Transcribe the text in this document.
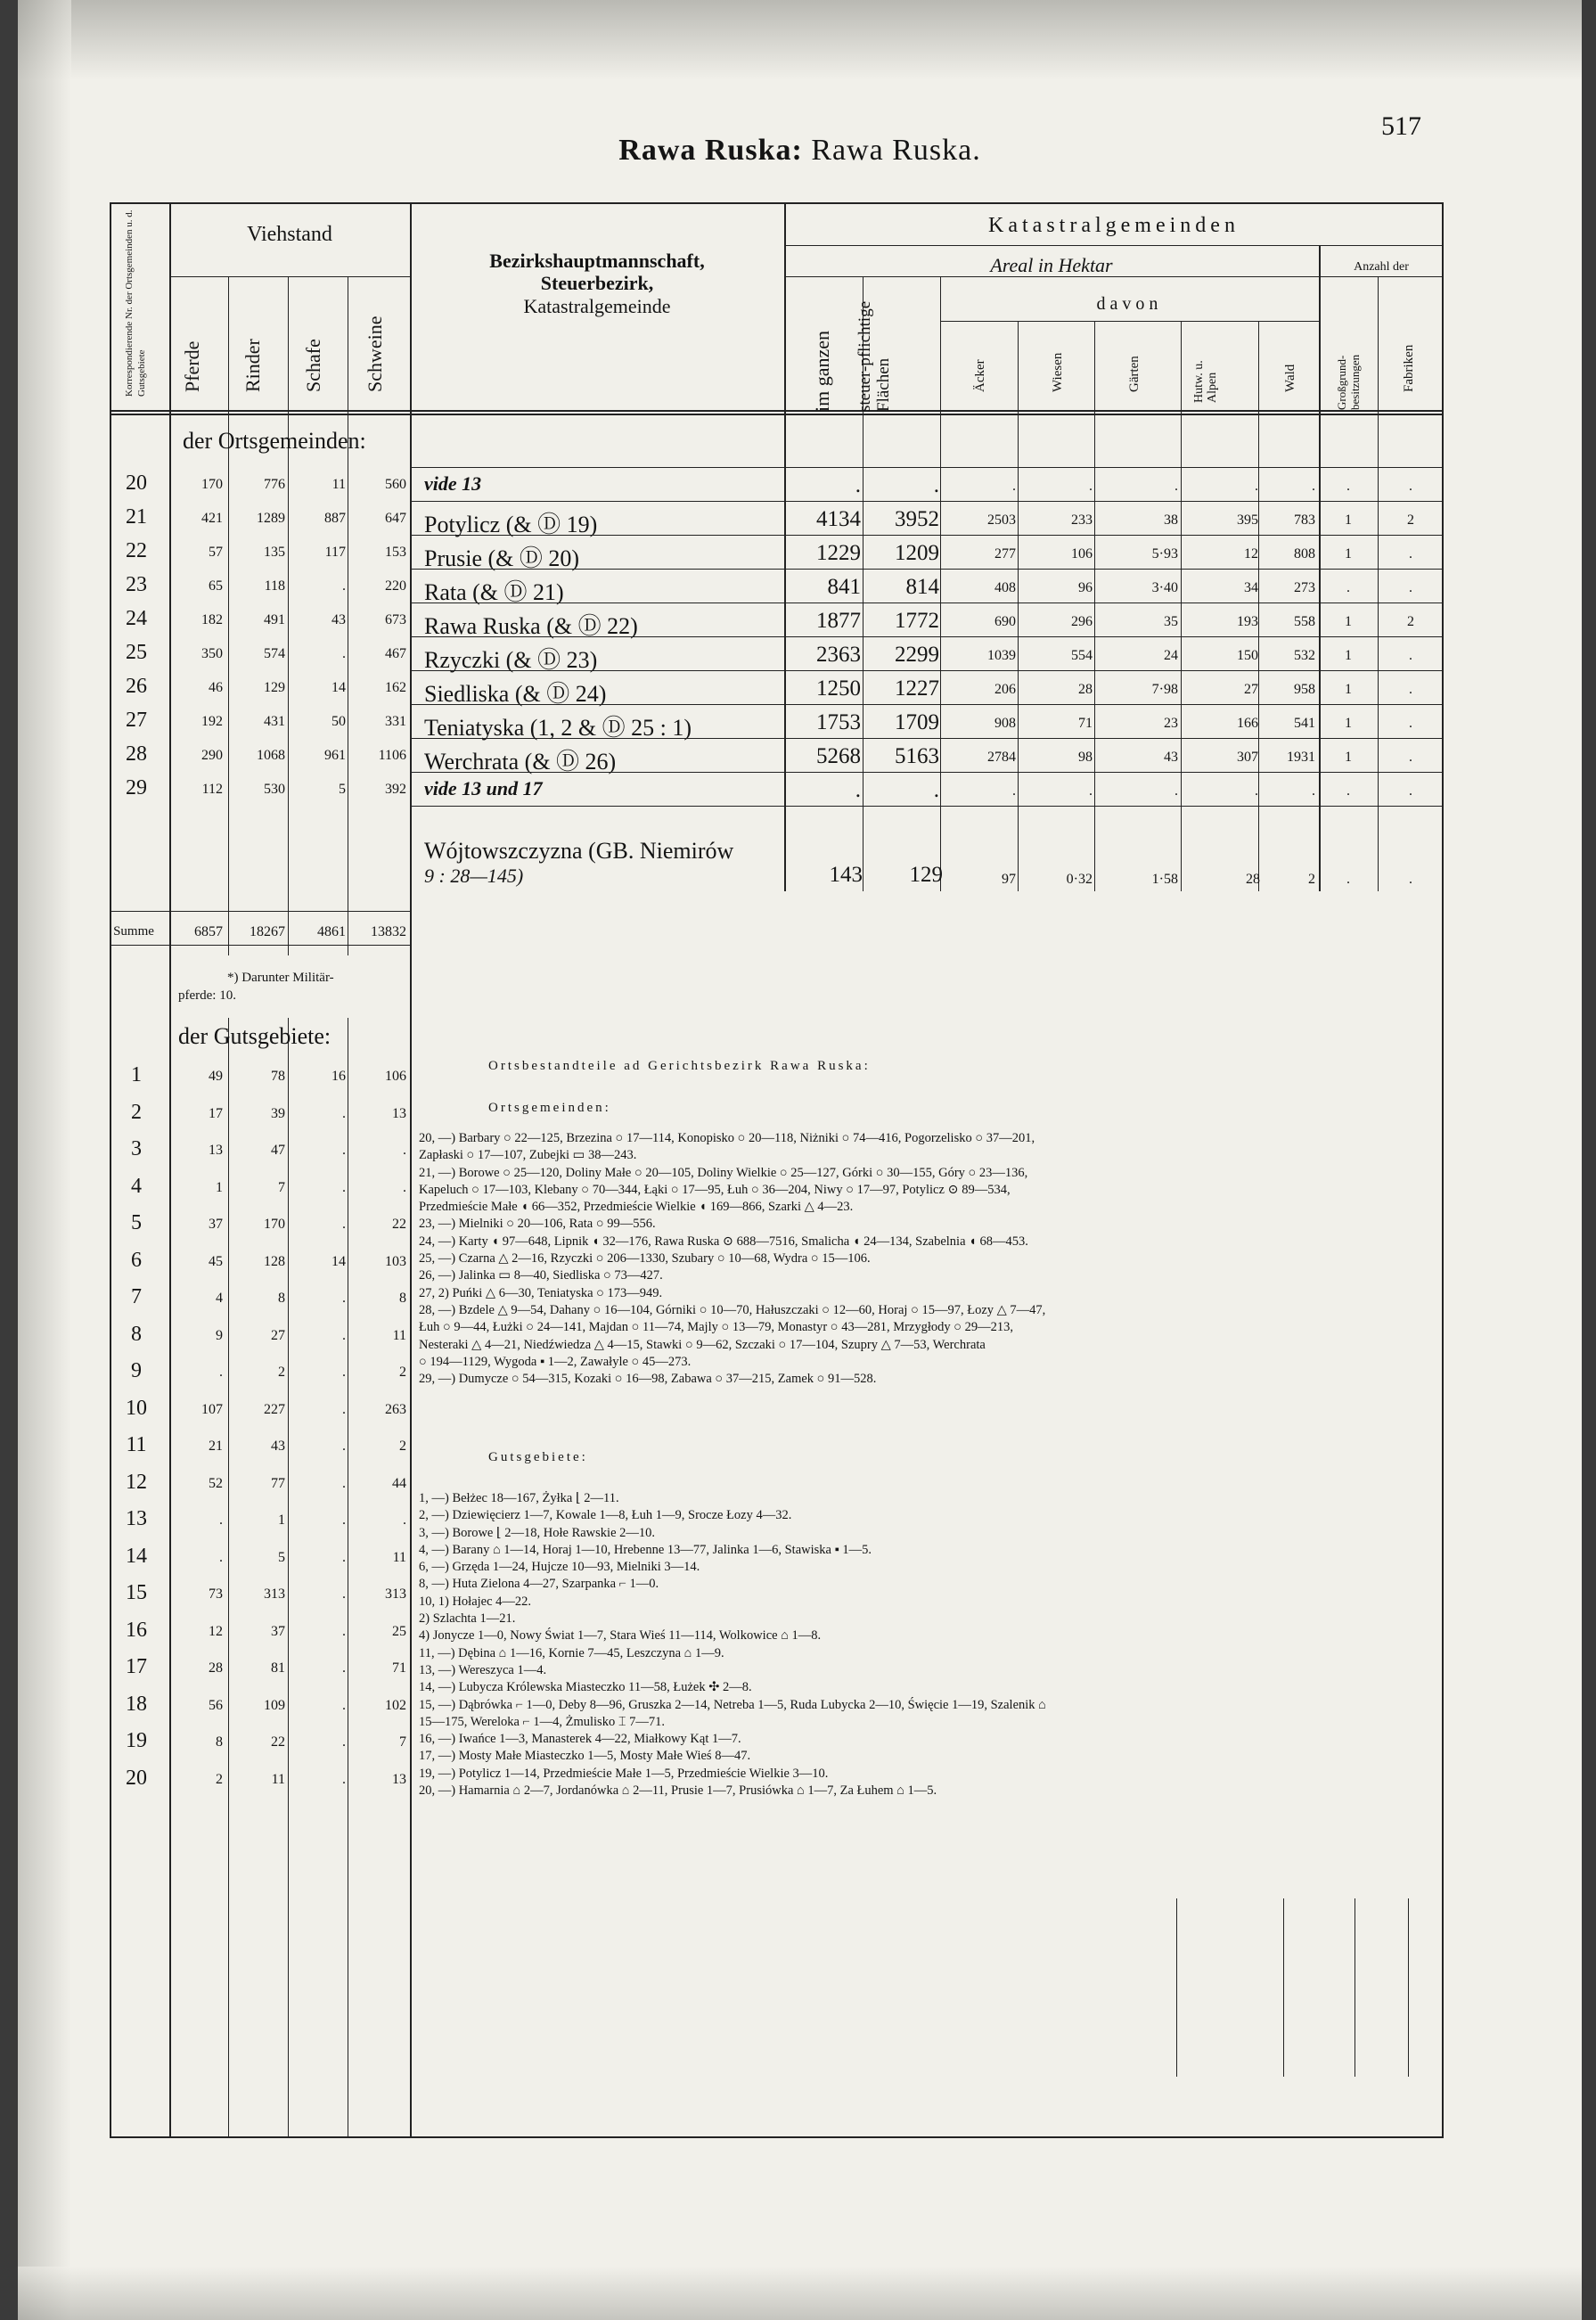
Rawa Ruska: Rawa Ruska.
517
Korrespondierende Nr. der Ortsgemeinden u. d. Gutsgebiete
Viehstand
Pferde Rinder Schafe Schweine
Bezirkshauptmannschaft,
Steuerbezirk,
Katastralgemeinde
Katastralgemeinden
Areal in Hektar	Anzahl der
davon
im ganzen steuer-pflichtige Flächen	Äcker	Wiesen	Gärten	Hutw. u. Alpen	Wald	Großgrund-besitzungen	Fabriken
der Ortsgemeinden:
20	170	776	11	560 vide 13	.	.	.	.	.	.	.	.	.
21	421	1289	887	647 Potylicz (& Ⓓ 19)	4134	3952	2503	233	38	395	783	1	2
22	57	135	117	153 Prusie (& Ⓓ 20)	1229	1209	277	106	5·93	12	808	1	.
23	65	118	.	220 Rata (& Ⓓ 21)	841	814	408	96	3·40	34	273	.	.
24	182	491	43	673 Rawa Ruska (& Ⓓ 22)	1877	1772	690	296	35	193	558	1	2
25	350	574	.	467 Rzyczki (& Ⓓ 23)	2363	2299	1039	554	24	150	532	1	.
26	46	129	14	162 Siedliska (& Ⓓ 24)	1250	1227	206	28	7·98	27	958	1	.
27	192	431	50	331 Teniatyska (1, 2 & Ⓓ 25 : 1)	1753	1709	908	71	23	166	541	1	.
28	290	1068	961	1106 Werchrata (& Ⓓ 26)	5268	5163	2784	98	43	307	1931	1	.
29	112	530	5	392 vide 13 und 17	.	.	.	.	.	.	.	.	.
Wójtowszczyzna (GB. Niemirów
9 : 28—145)	143	129	97	0·32	1·58	28	2	.	.
Summe	6857	18267	4861	13832
*) Darunter Militär-
pferde: 10.
der Gutsgebiete:
1	49	78	16	106
2	17	39	.	13
3	13	47	.	.
4	1	7	.	.
5	37	170	.	22
6	45	128	14	103
7	4	8	.	8
8	9	27	.	11
9	.	2	.	2
10	107	227	.	263
11	21	43	.	2
12	52	77	.	44
13	.	1	.	.
14	.	5	.	11
15	73	313	.	313
16	12	37	.	25
17	28	81	.	71
18	56	109	.	102
19	8	22	.	7
20	2	11	.	13
Ortsbestandteile ad Gerichtsbezirk Rawa Ruska:
Ortsgemeinden:
20, —) Barbary ○ 22—125, Brzezina ○ 17—114, Konopisko ○ 20—118, Niżniki ○ 74—416, Pogorzelisko ○ 37—201,
Zapłaski ○ 17—107, Zubejki ▭ 38—243.
21, —) Borowe ○ 25—120, Doliny Małe ○ 20—105, Doliny Wielkie ○ 25—127, Górki ○ 30—155, Góry ○ 23—136,
Kapeluch ○ 17—103, Klebany ○ 70—344, Łąki ○ 17—95, Łuh ○ 36—204, Niwy ○ 17—97, Potylicz ⊙ 89—534,
Przedmieście Małe ◖ 66—352, Przedmieście Wielkie ◖ 169—866, Szarki △ 4—23.
23, —) Mielniki ○ 20—106, Rata ○ 99—556.
24, —) Karty ◖ 97—648, Lipnik ◖ 32—176, Rawa Ruska ⊙ 688—7516, Smalicha ◖ 24—134, Szabelnia ◖ 68—453.
25, —) Czarna △ 2—16, Rzyczki ○ 206—1330, Szubary ○ 10—68, Wydra ○ 15—106.
26, —) Jalinka ▭ 8—40, Siedliska ○ 73—427.
27, 2) Puńki △ 6—30, Teniatyska ○ 173—949.
28, —) Bzdele △ 9—54, Dahany ○ 16—104, Górniki ○ 10—70, Hałuszczaki ○ 12—60, Horaj ○ 15—97, Łozy △ 7—47,
Łuh ○ 9—44, Łużki ○ 24—141, Majdan ○ 11—74, Majly ○ 13—79, Monastyr ○ 43—281, Mrzygłody ○ 29—213,
Nesteraki △ 4—21, Niedźwiedza △ 4—15, Stawki ○ 9—62, Szczaki ○ 17—104, Szupry △ 7—53, Werchrata
○ 194—1129, Wygoda ▪ 1—2, Zawałyle ○ 45—273.
29, —) Dumycze ○ 54—315, Kozaki ○ 16—98, Zabawa ○ 37—215, Zamek ○ 91—528.
Gutsgebiete:
1, —) Bełżec 18—167, Żyłka ⌊ 2—11.
2, —) Dziewięcierz 1—7, Kowale 1—8, Łuh 1—9, Srocze Łozy 4—32.
3, —) Borowe ⌊ 2—18, Hołe Rawskie 2—10.
4, —) Barany ⌂ 1—14, Horaj 1—10, Hrebenne 13—77, Jalinka 1—6, Stawiska ▪ 1—5.
6, —) Grzęda 1—24, Hujcze 10—93, Mielniki 3—14.
8, —) Huta Zielona 4—27, Szarpanka ⌐ 1—0.
10, 1) Hołajec 4—22.
2) Szlachta 1—21.
4) Jonycze 1—0, Nowy Świat 1—7, Stara Wieś 11—114, Wolkowice ⌂ 1—8.
11, —) Dębina ⌂ 1—16, Kornie 7—45, Leszczyna ⌂ 1—9.
13, —) Wereszyca 1—4.
14, —) Lubycza Królewska Miasteczko 11—58, Łużek ✣ 2—8.
15, —) Dąbrówka ⌐ 1—0, Deby 8—96, Gruszka 2—14, Netreba 1—5, Ruda Lubycka 2—10, Święcie 1—19, Szalenik ⌂
15—175, Wereloka ⌐ 1—4, Żmulisko ⌶ 7—71.
16, —) Iwańce 1—3, Manasterek 4—22, Miałkowy Kąt 1—7.
17, —) Mosty Małe Miasteczko 1—5, Mosty Małe Wieś 8—47.
19, —) Potylicz 1—14, Przedmieście Małe 1—5, Przedmieście Wielkie 3—10.
20, —) Hamarnia ⌂ 2—7, Jordanówka ⌂ 2—11, Prusie 1—7, Prusiówka ⌂ 1—7, Za Łuhem ⌂ 1—5.
